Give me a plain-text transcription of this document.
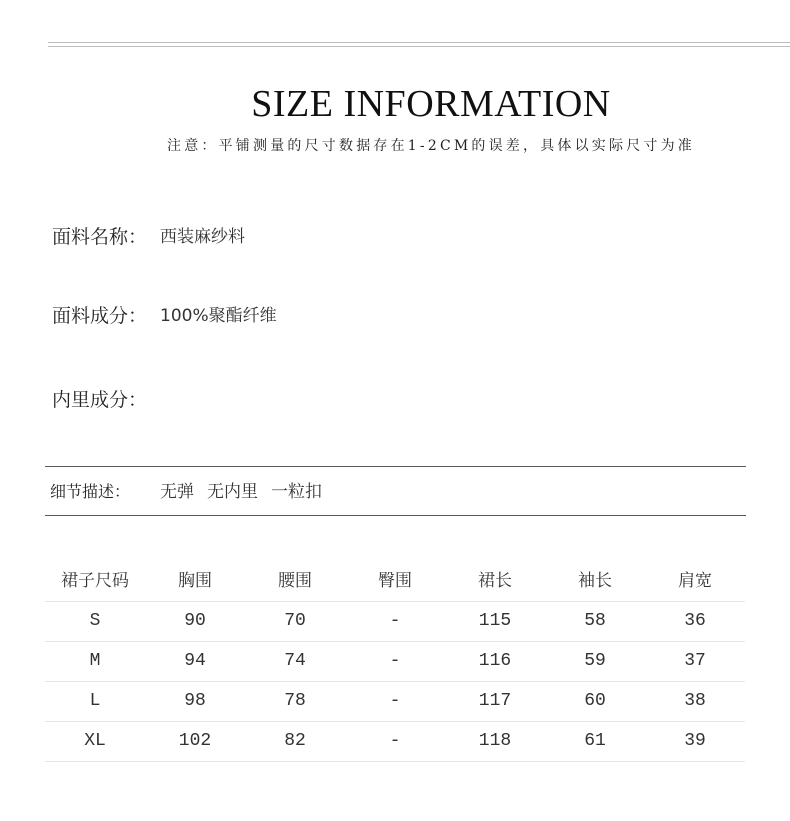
SIZE INFORMATION
注意：平铺测量的尺寸数据存在1-2CM的误差，具体以实际尺寸为准
面料名称： 西装麻纱料
面料成分： 100%聚酯纤维
内里成分：
细节描述： 无弹 无内里 一粒扣
裙子尺码	胸围	腰围	臀围	裙长	袖长	肩宽
S	90	70	-	115	58	36
M	94	74	-	116	59	37
L	98	78	-	117	60	38
XL	102	82	-	118	61	39
